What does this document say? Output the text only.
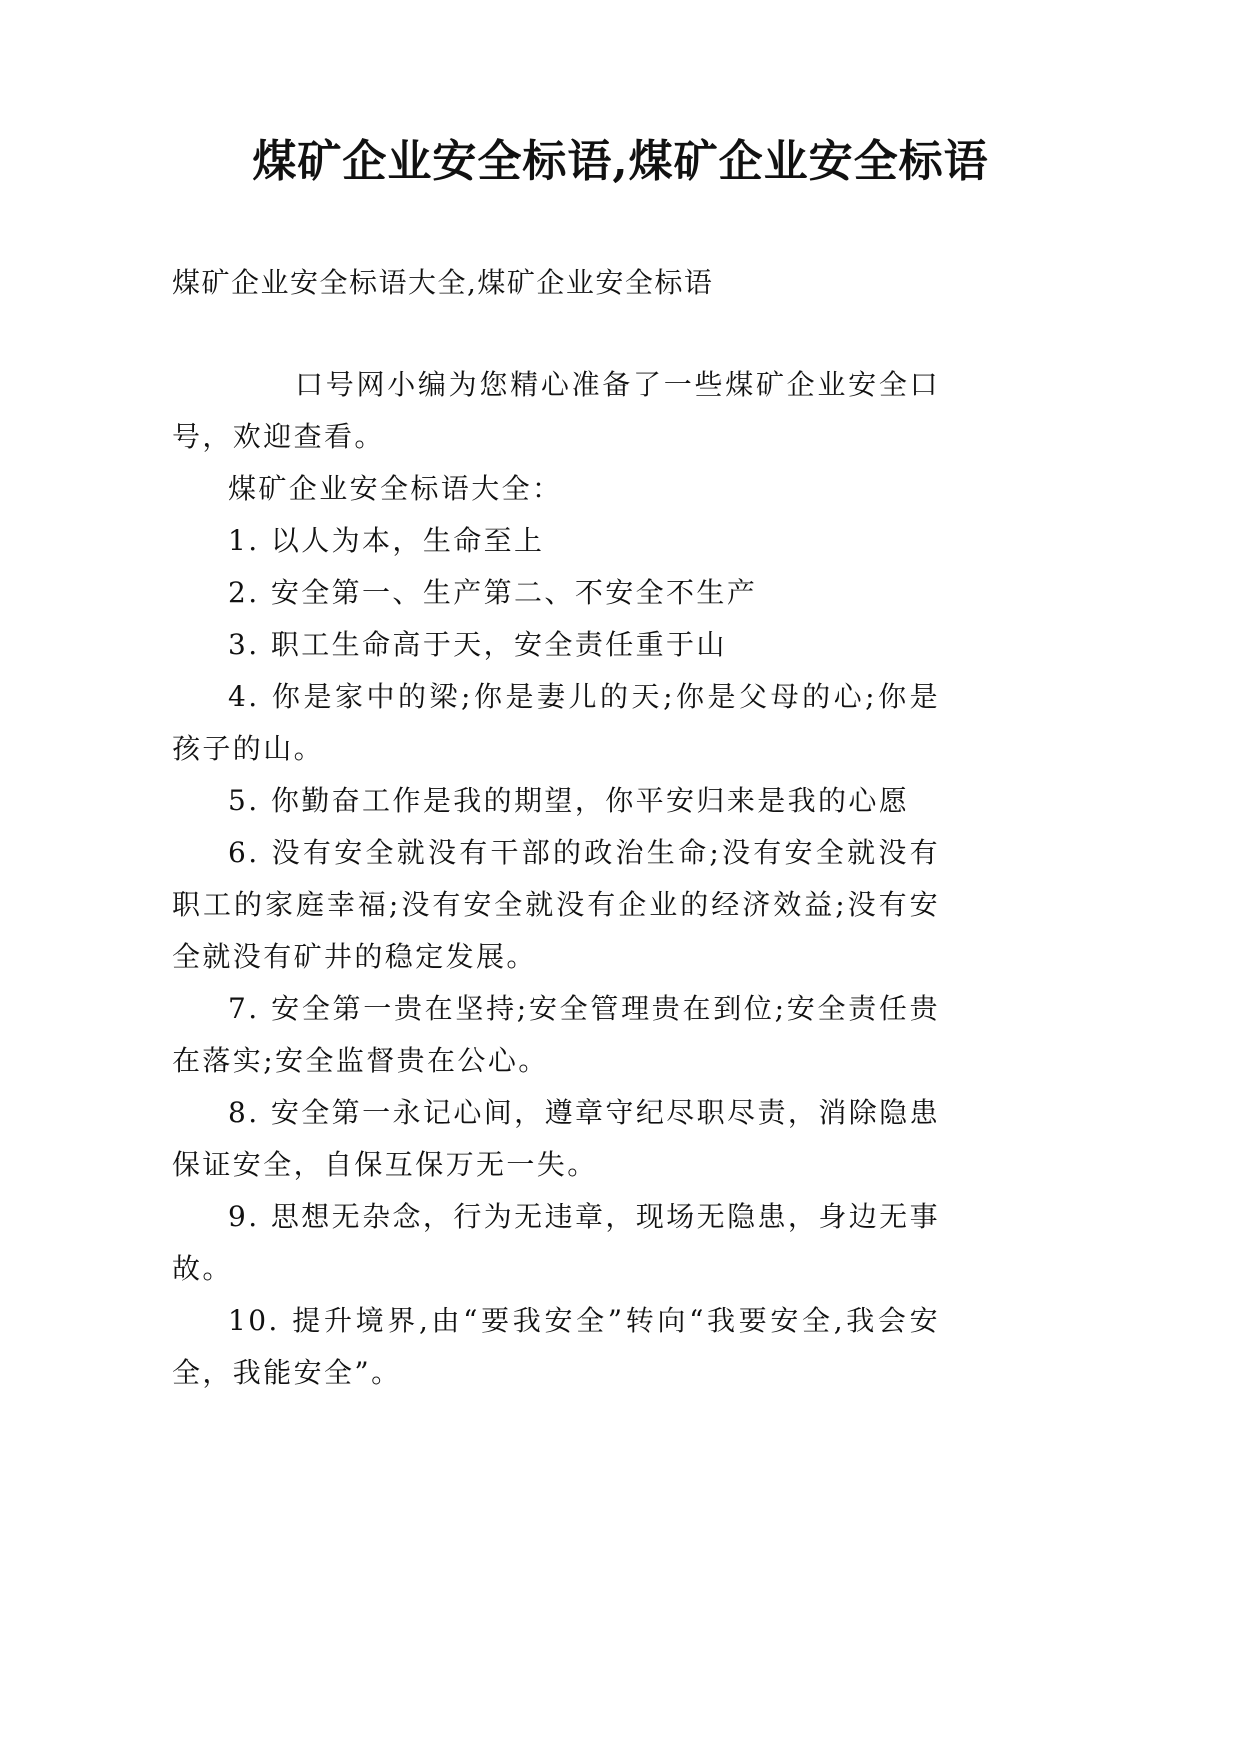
煤矿企业安全标语,煤矿企业安全标语

煤矿企业安全标语大全,煤矿企业安全标语

口号网小编为您精心准备了一些煤矿企业安全口号，欢迎查看。

煤矿企业安全标语大全：

1. 以人为本，生命至上

2. 安全第一、生产第二、不安全不生产

3. 职工生命高于天，安全责任重于山

4. 你是家中的梁;你是妻儿的天;你是父母的心;你是孩子的山。

5. 你勤奋工作是我的期望，你平安归来是我的心愿

6. 没有安全就没有干部的政治生命;没有安全就没有职工的家庭幸福;没有安全就没有企业的经济效益;没有安全就没有矿井的稳定发展。

7. 安全第一贵在坚持;安全管理贵在到位;安全责任贵在落实;安全监督贵在公心。

8. 安全第一永记心间，遵章守纪尽职尽责，消除隐患保证安全，自保互保万无一失。

9. 思想无杂念，行为无违章，现场无隐患，身边无事故。

10. 提升境界,由“要我安全”转向“我要安全,我会安全，我能安全”。
